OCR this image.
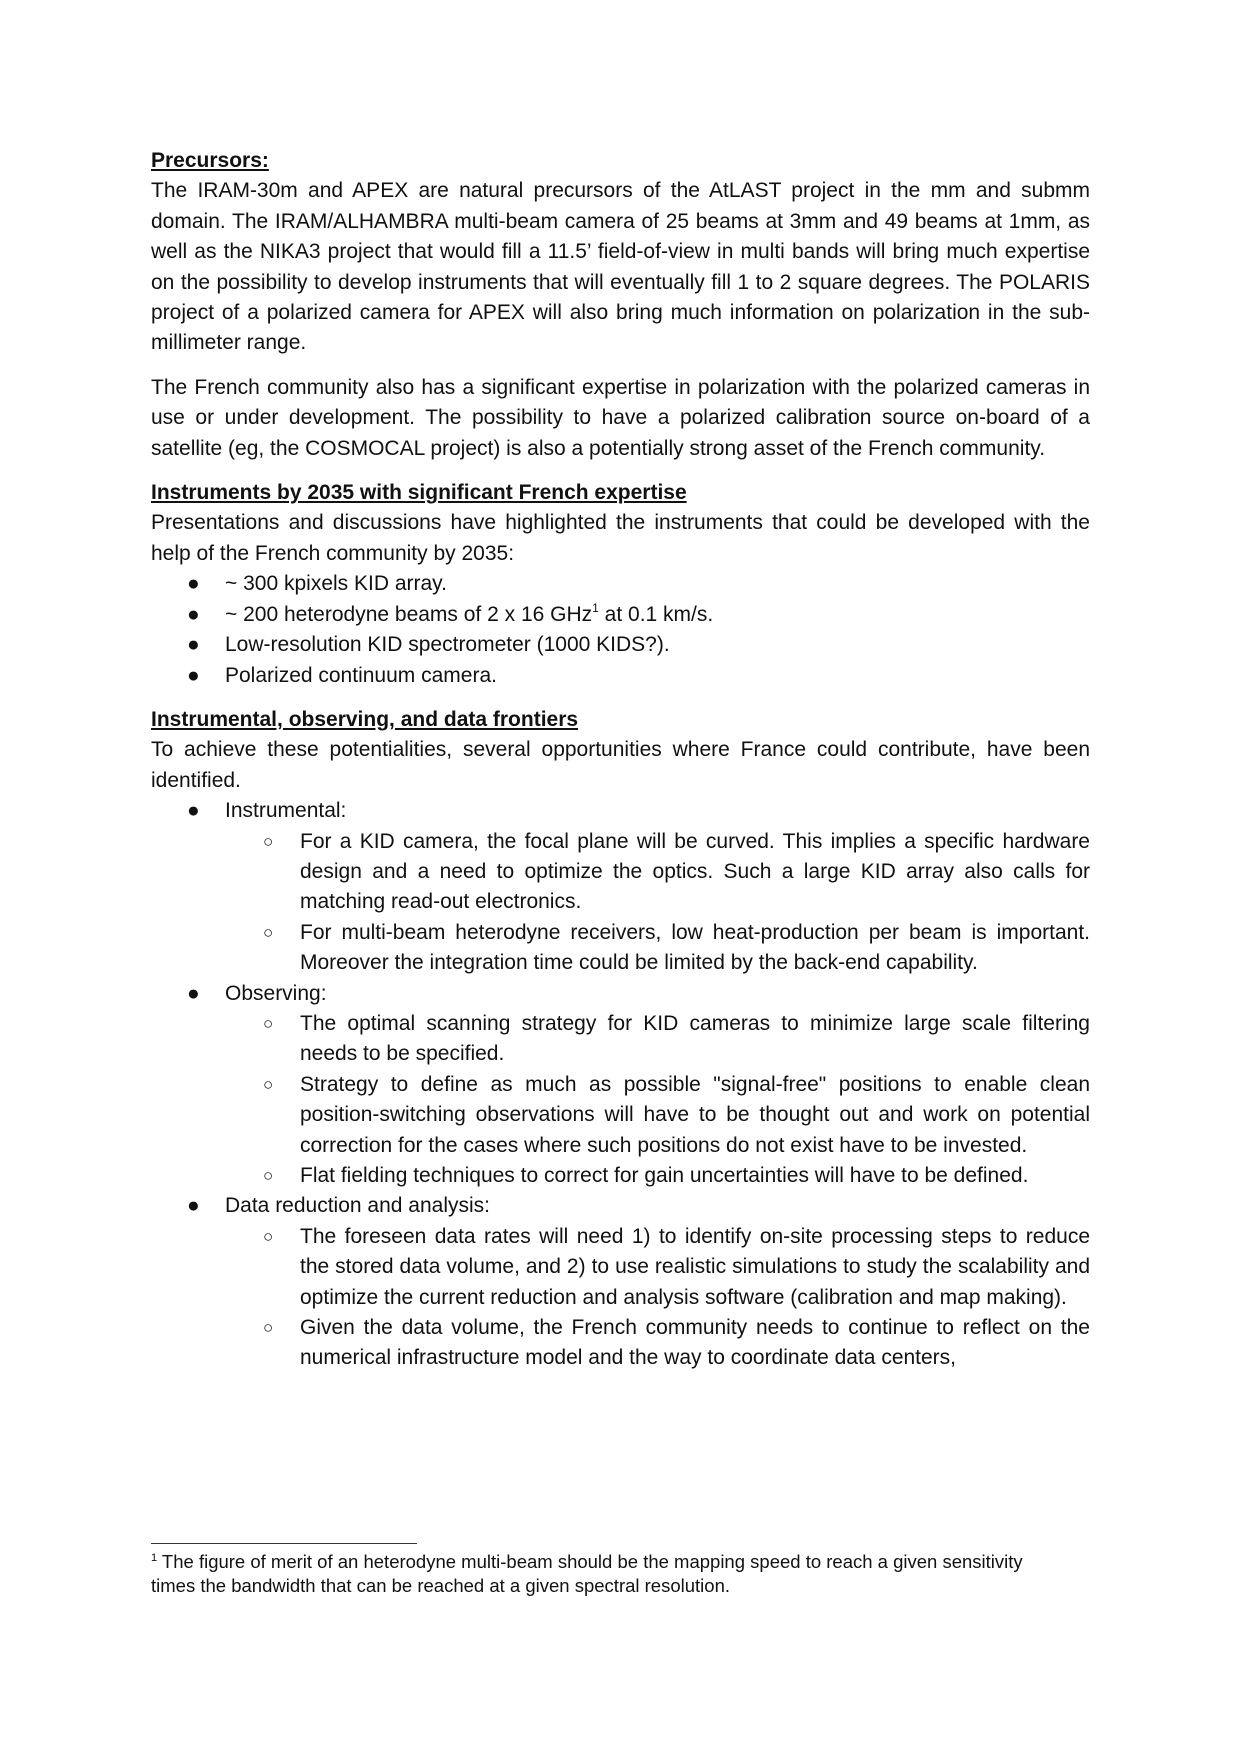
Precursors:

The IRAM-30m and APEX are natural precursors of the AtLAST project in the mm and submm domain. The IRAM/ALHAMBRA multi-beam camera of 25 beams at 3mm and 49 beams at 1mm, as well as the NIKA3 project that would fill a 11.5’ field-of-view in multi bands will bring much expertise on the possibility to develop instruments that will eventually fill 1 to 2 square degrees. The POLARIS project of a polarized camera for APEX will also bring much information on polarization in the sub-millimeter range.

The French community also has a significant expertise in polarization with the polarized cameras in use or under development. The possibility to have a polarized calibration source on-board of a satellite (eg, the COSMOCAL project) is also a potentially strong asset of the French community.

Instruments by 2035 with significant French expertise

Presentations and discussions have highlighted the instruments that could be developed with the help of the French community by 2035:

● ~ 300 kpixels KID array.
● ~ 200 heterodyne beams of 2 x 16 GHz$^1$ at 0.1 km/s.
● Low-resolution KID spectrometer (1000 KIDS?).
● Polarized continuum camera.
Instrumental, observing, and data frontiers

To achieve these potentialities, several opportunities where France could contribute, have been identified.

● Instrumental:
○ For a KID camera, the focal plane will be curved. This implies a specific hardware design and a need to optimize the optics. Such a large KID array also calls for matching read-out electronics.
○ For multi-beam heterodyne receivers, low heat-production per beam is important. Moreover the integration time could be limited by the back-end capability.
● Observing:
○ The optimal scanning strategy for KID cameras to minimize large scale filtering needs to be specified.
○ Strategy to define as much as possible "signal-free" positions to enable clean position-switching observations will have to be thought out and work on potential correction for the cases where such positions do not exist have to be invested.
○ Flat fielding techniques to correct for gain uncertainties will have to be defined.
● Data reduction and analysis:
○ The foreseen data rates will need 1) to identify on-site processing steps to reduce the stored data volume, and 2) to use realistic simulations to study the scalability and optimize the current reduction and analysis software (calibration and map making).
○ Given the data volume, the French community needs to continue to reflect on the numerical infrastructure model and the way to coordinate data centers,
$^1$ The figure of merit of an heterodyne multi-beam should be the mapping speed to reach a given sensitivity times the bandwidth that can be reached at a given spectral resolution.
